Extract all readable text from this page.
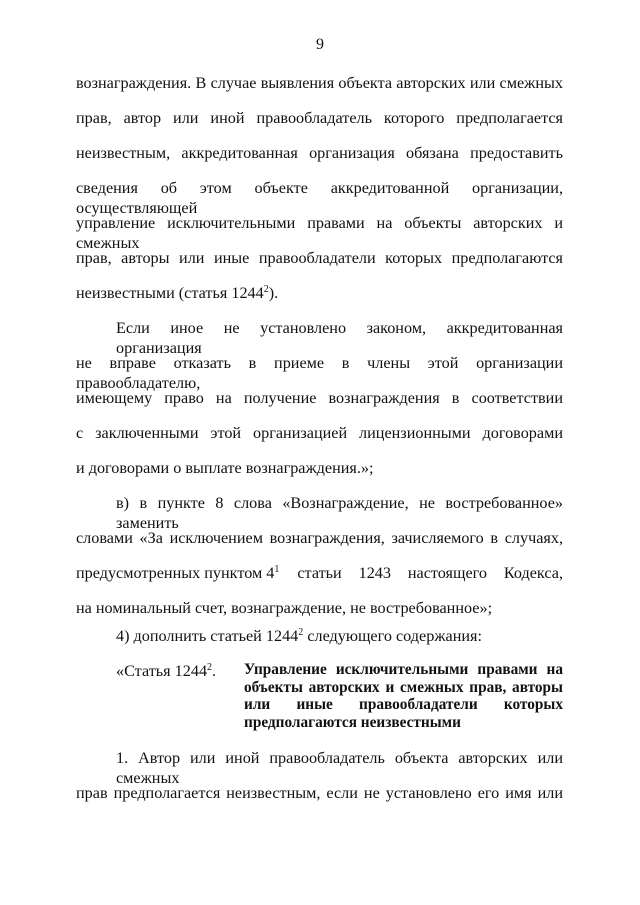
9
вознаграждения. В случае выявления объекта авторских или смежных
прав, автор или иной правообладатель которого предполагается
неизвестным, аккредитованная организация обязана предоставить
сведения об этом объекте аккредитованной организации, осуществляющей
управление исключительными правами на объекты авторских и смежных
прав, авторы или иные правообладатели которых предполагаются
неизвестными (статья 1244$^2$).
Если иное не установлено законом, аккредитованная организация
не вправе отказать в приеме в члены этой организации правообладателю,
имеющему право на получение вознаграждения в соответствии
с заключенными этой организацией лицензионными договорами
и договорами о выплате вознаграждения.»;
в) в пункте 8 слова «Вознаграждение, не востребованное» заменить
словами «За исключением вознаграждения, зачисляемого в случаях,
предусмотренных пунктом $4^1$ статьи 1243 настоящего Кодекса,
на номинальный счет, вознаграждение, не востребованное»;
4) дополнить статьей 1244$^2$ следующего содержания:
«Статья 1244$^2$. Управление исключительными правами на
объекты авторских и смежных прав, авторы
или иные правообладатели которых
предполагаются неизвестными
1. Автор или иной правообладатель объекта авторских или смежных
прав предполагается неизвестным, если не установлено его имя или
